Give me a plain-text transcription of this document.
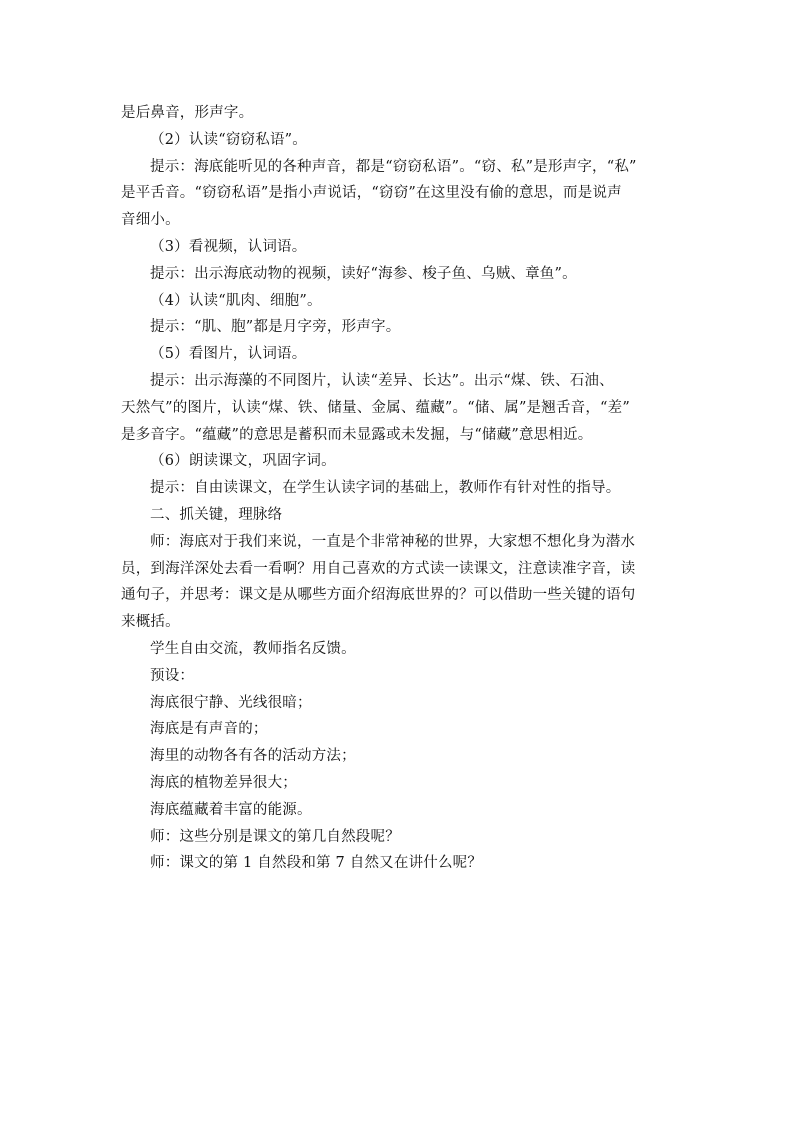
是后鼻音，形声字。
（2）认读“窃窃私语”。
提示：海底能听见的各种声音，都是“窃窃私语”。“窃、私”是形声字，“私”
是平舌音。“窃窃私语”是指小声说话，“窃窃”在这里没有偷的意思，而是说声
音细小。
（3）看视频，认词语。
提示：出示海底动物的视频，读好“海参、梭子鱼、乌贼、章鱼”。
（4）认读“肌肉、细胞”。
提示：“肌、胞”都是月字旁，形声字。
（5）看图片，认词语。
提示：出示海藻的不同图片，认读“差异、长达”。出示“煤、铁、石油、
天然气”的图片，认读“煤、铁、储量、金属、蕴藏”。“储、属”是翘舌音，“差”
是多音字。“蕴藏”的意思是蓄积而未显露或未发掘，与“储藏”意思相近。
（6）朗读课文，巩固字词。
提示：自由读课文，在学生认读字词的基础上，教师作有针对性的指导。
二、抓关键，理脉络
师：海底对于我们来说，一直是个非常神秘的世界，大家想不想化身为潜水
员，到海洋深处去看一看啊？用自己喜欢的方式读一读课文，注意读准字音，读
通句子，并思考：课文是从哪些方面介绍海底世界的？可以借助一些关键的语句
来概括。
学生自由交流，教师指名反馈。
预设：
海底很宁静、光线很暗；
海底是有声音的；
海里的动物各有各的活动方法；
海底的植物差异很大；
海底蕴藏着丰富的能源。
师：这些分别是课文的第几自然段呢？
师：课文的第 1 自然段和第 7 自然又在讲什么呢？
